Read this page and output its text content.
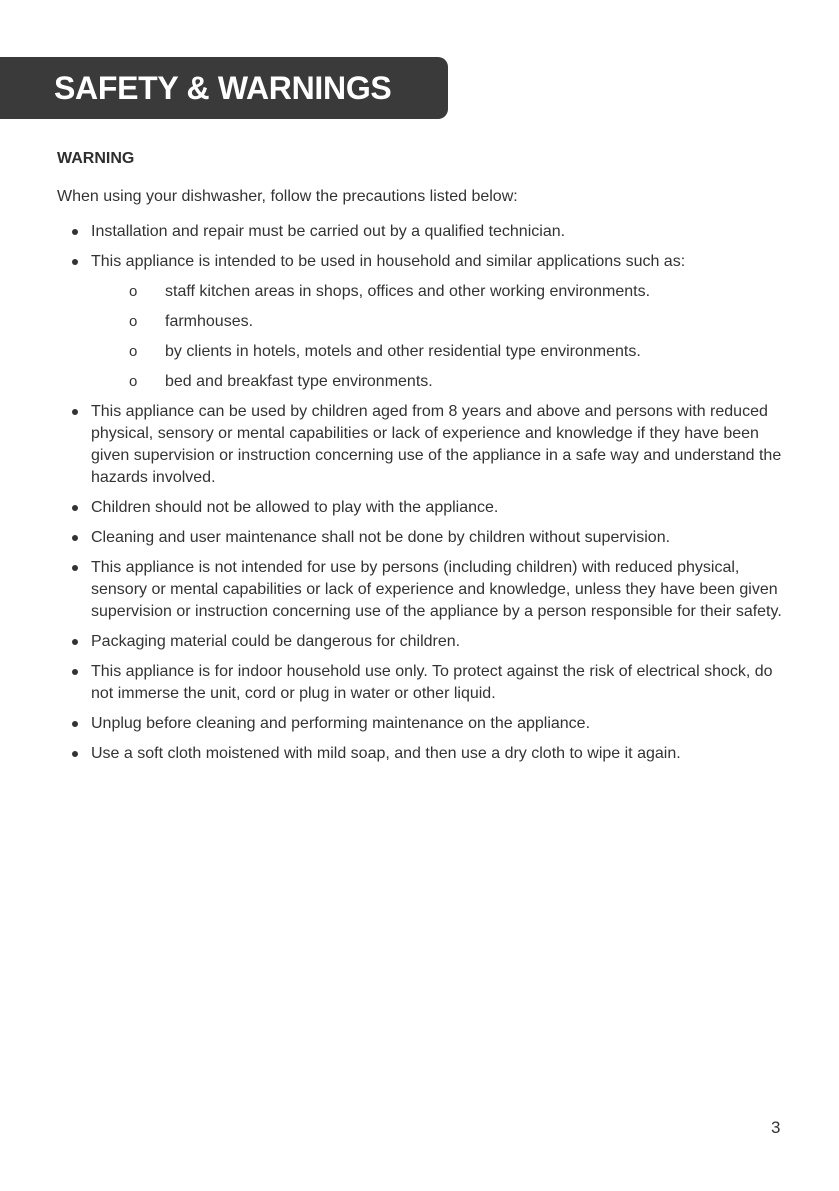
SAFETY & WARNINGS
WARNING
When using your dishwasher, follow the precautions listed below:
Installation and repair must be carried out by a qualified technician.
This appliance is intended to be used in household and similar applications such as:
o staff kitchen areas in shops, offices and other working environments.
o farmhouses.
o by clients in hotels, motels and other residential type environments.
o bed and breakfast type environments.
This appliance can be used by children aged from 8 years and above and persons with reduced physical, sensory or mental capabilities or lack of experience and knowledge if they have been given supervision or instruction concerning use of the appliance in a safe way and understand the hazards involved.
Children should not be allowed to play with the appliance.
Cleaning and user maintenance shall not be done by children without supervision.
This appliance is not intended for use by persons (including children) with reduced physical, sensory or mental capabilities or lack of experience and knowledge, unless they have been given supervision or instruction concerning use of the appliance by a person responsible for their safety.
Packaging material could be dangerous for children.
This appliance is for indoor household use only. To protect against the risk of electrical shock, do not immerse the unit, cord or plug in water or other liquid.
Unplug before cleaning and performing maintenance on the appliance.
Use a soft cloth moistened with mild soap, and then use a dry cloth to wipe it again.
3
